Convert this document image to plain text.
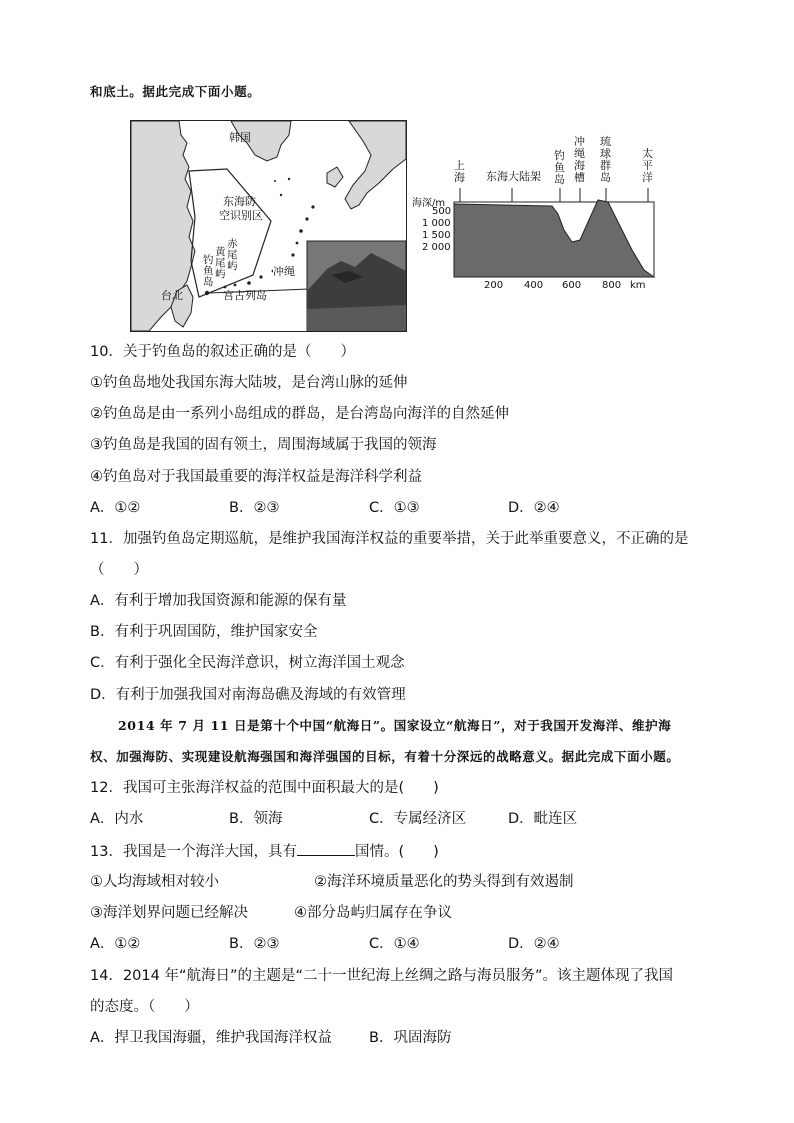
和底土。据此完成下面小题。
韩国
东海防
空识别区
赤尾屿
黄尾屿
钓鱼岛
冲绳
宫古列岛
台北
上海 东海大陆架
钓鱼岛
冲绳海槽
琉球群岛
太平洋
海深/m
500
1 000
1 500
2 000
200 400 600 800 km
10．关于钓鱼岛的叙述正确的是（　　）
①钓鱼岛地处我国东海大陆坡，是台湾山脉的延伸
②钓鱼岛是由一系列小岛组成的群岛，是台湾岛向海洋的自然延伸
③钓鱼岛是我国的固有领土，周围海域属于我国的领海
④钓鱼岛对于我国最重要的海洋权益是海洋科学利益
A．①②	B．②③	C．①③	D．②④
11．加强钓鱼岛定期巡航，是维护我国海洋权益的重要举措，关于此举重要意义，不正确的是
（　　）
A．有利于增加我国资源和能源的保有量
B．有利于巩固国防，维护国家安全
C．有利于强化全民海洋意识，树立海洋国土观念
D．有利于加强我国对南海岛礁及海域的有效管理
2014 年 7 月 11 日是第十个中国“航海日”。国家设立“航海日”，对于我国开发海洋、维护海
权、加强海防、实现建设航海强国和海洋强国的目标，有着十分深远的战略意义。据此完成下面小题。
12．我国可主张海洋权益的范围中面积最大的是(　　)
A．内水	B．领海	C．专属经济区	D．毗连区
13．我国是一个海洋大国，具有	国情。(　　)
①人均海域相对较小	②海洋环境质量恶化的势头得到有效遏制
③海洋划界问题已经解决	④部分岛屿归属存在争议
A．①②	B．②③	C．①④	D．②④
14．2014 年“航海日”的主题是“二十一世纪海上丝绸之路与海员服务”。该主题体现了我国
的态度。（　　）
A．捍卫我国海疆，维护我国海洋权益	B．巩固海防
